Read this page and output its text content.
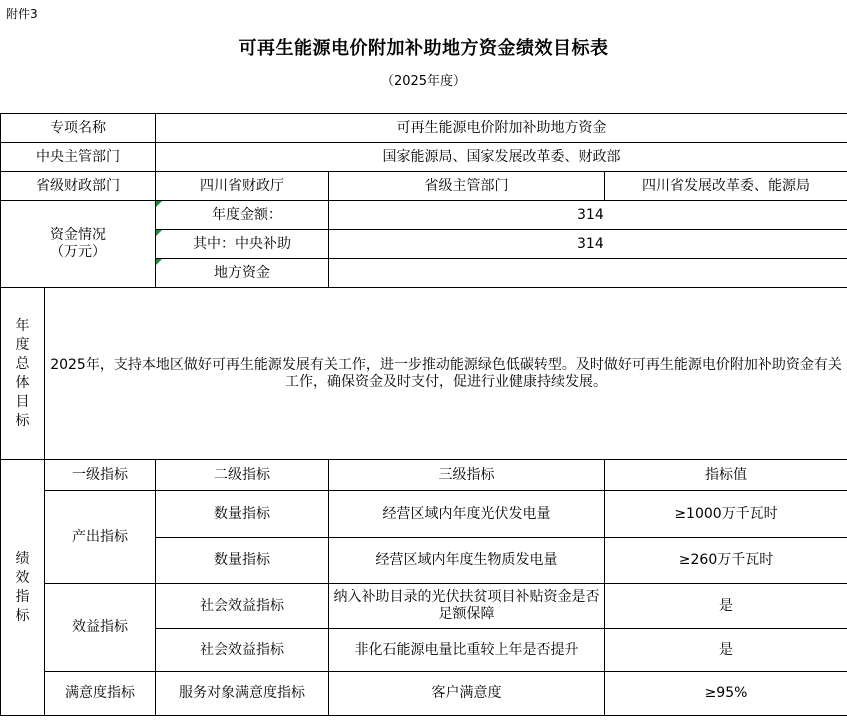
附件3
可再生能源电价附加补助地方资金绩效目标表
（2025年度）
专项名称		可再生能源电价附加补助地方资金		
中央主管部门		国家能源局、国家发展改革委、财政部		
省级财政部门		四川省财政厅	省级主管部门	四川省发展改革委、能源局

资金情况
（万元）		年度金额：	314	
		其中：中央补助	314	
		地方资金		

年度总体目标	2025年，支持本地区做好可再生能源发展有关工作，进一步推动能源绿色低碳转型。及时做好可再生能源电价附加补助资金有关工作，确保资金及时支付，促进行业健康持续发展。			

绩效指标	一级指标	二级指标	三级指标	指标值
	产出指标	数量指标	经营区域内年度光伏发电量	≥1000万千瓦时
		数量指标	经营区域内年度生物质发电量	≥260万千瓦时
	效益指标	社会效益指标	纳入补助目录的光伏扶贫项目补贴资金是否足额保障	是
		社会效益指标	非化石能源电量比重较上年是否提升	是
	满意度指标	服务对象满意度指标	客户满意度	≥95%
